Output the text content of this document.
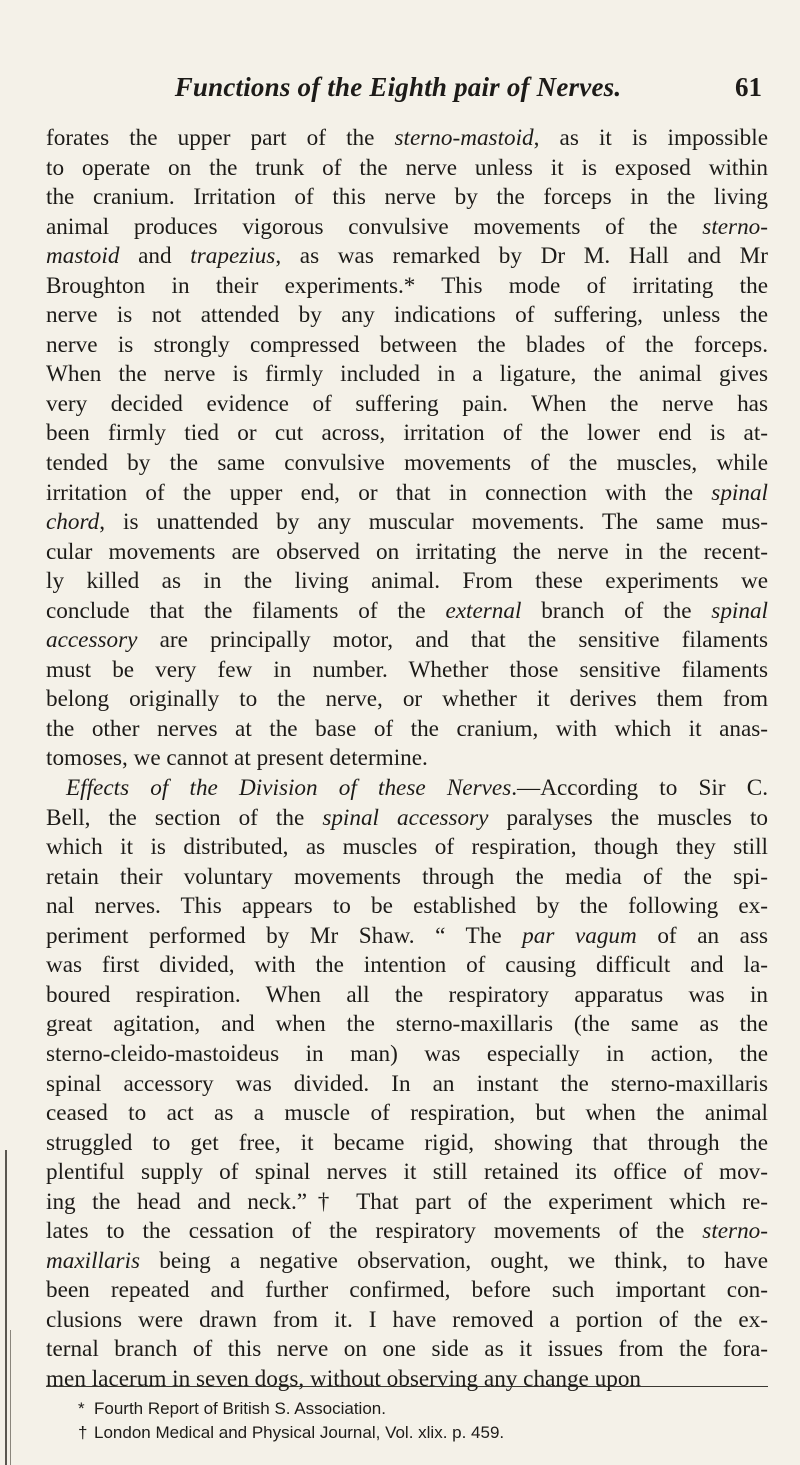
Functions of the Eighth pair of Nerves.	61
forates the upper part of the sterno-mastoid, as it is impossible
to operate on the trunk of the nerve unless it is exposed within
the cranium. Irritation of this nerve by the forceps in the living
animal produces vigorous convulsive movements of the sterno-
mastoid and trapezius, as was remarked by Dr M. Hall and Mr
Broughton in their experiments.* This mode of irritating the
nerve is not attended by any indications of suffering, unless the
nerve is strongly compressed between the blades of the forceps.
When the nerve is firmly included in a ligature, the animal gives
very decided evidence of suffering pain. When the nerve has
been firmly tied or cut across, irritation of the lower end is at-
tended by the same convulsive movements of the muscles, while
irritation of the upper end, or that in connection with the spinal
chord, is unattended by any muscular movements. The same mus-
cular movements are observed on irritating the nerve in the recent-
ly killed as in the living animal. From these experiments we
conclude that the filaments of the external branch of the spinal
accessory are principally motor, and that the sensitive filaments
must be very few in number. Whether those sensitive filaments
belong originally to the nerve, or whether it derives them from
the other nerves at the base of the cranium, with which it anas-
tomoses, we cannot at present determine.
Effects of the Division of these Nerves.—According to Sir C.
Bell, the section of the spinal accessory paralyses the muscles to
which it is distributed, as muscles of respiration, though they still
retain their voluntary movements through the media of the spi-
nal nerves. This appears to be established by the following ex-
periment performed by Mr Shaw. “ The par vagum of an ass
was first divided, with the intention of causing difficult and la-
boured respiration. When all the respiratory apparatus was in
great agitation, and when the sterno-maxillaris (the same as the
sterno-cleido-mastoideus in man) was especially in action, the
spinal accessory was divided. In an instant the sterno-maxillaris
ceased to act as a muscle of respiration, but when the animal
struggled to get free, it became rigid, showing that through the
plentiful supply of spinal nerves it still retained its office of mov-
ing the head and neck.”† That part of the experiment which re-
lates to the cessation of the respiratory movements of the sterno-
maxillaris being a negative observation, ought, we think, to have
been repeated and further confirmed, before such important con-
clusions were drawn from it. I have removed a portion of the ex-
ternal branch of this nerve on one side as it issues from the fora-
men lacerum in seven dogs, without observing any change upon
* Fourth Report of British S. Association.
† London Medical and Physical Journal, Vol. xlix. p. 459.
